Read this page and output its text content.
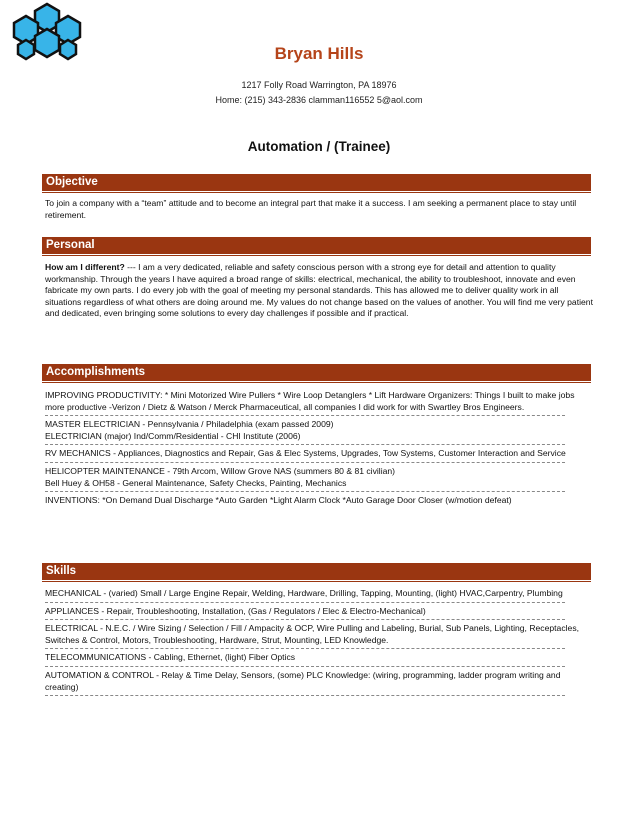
Bryan Hills
1217 Folly Road Warrington, PA 18976
Home: (215) 343-2836 clamman116552 5@aol.com
Automation / (Trainee)
Objective

To join a company with a “team” attitude and to become an integral part that make it a success. I am seeking a permanent place to stay until retirement.

Personal

How am I different? --- I am a very dedicated, reliable and safety conscious person with a strong eye for detail and attention to quality workmanship. Through the years I have aquired a broad range of skills: electrical, mechanical, the ability to troubleshoot, innovate and even fabricate my own parts. I do every job with the goal of meeting my personal standards. This has allowed me to deliver quality work in all situations regardless of what others are doing around me. My values do not change based on the values of another. You will find me very patient and dedicated, even bringing some solutions to every day challenges if possible and if practical.

Accomplishments

IMPROVING PRODUCTIVITY: * Mini Motorized Wire Pullers * Wire Loop Detanglers * Lift Hardware Organizers: Things I built to make jobs more productive -Verizon / Dietz & Watson / Merck Pharmaceutical, all companies I did work for with Swartley Bros Engineers.

MASTER ELECTRICIAN - Pennsylvania / Philadelphia (exam passed 2009)

ELECTRICIAN (major) Ind/Comm/Residential - CHI Institute (2006)

RV MECHANICS - Appliances, Diagnostics and Repair, Gas & Elec Systems, Upgrades, Tow Systems, Customer Interaction and Service

HELICOPTER MAINTENANCE - 79th Arcom, Willow Grove NAS (summers 80 & 81 civilian)

Bell Huey & OH58 - General Maintenance, Safety Checks, Painting, Mechanics

INVENTIONS: *On Demand Dual Discharge *Auto Garden *Light Alarm Clock *Auto Garage Door Closer (w/motion defeat)

Skills

MECHANICAL - (varied) Small / Large Engine Repair, Welding, Hardware, Drilling, Tapping, Mounting, (light) HVAC,Carpentry, Plumbing

APPLIANCES - Repair, Troubleshooting, Installation, (Gas / Regulators / Elec & Electro-Mechanical)

ELECTRICAL - N.E.C. / Wire Sizing / Selection / Fill / Ampacity & OCP, Wire Pulling and Labeling, Burial, Sub Panels, Lighting, Receptacles, Switches & Control, Motors, Troubleshooting, Hardware, Strut, Mounting, LED Knowledge.

TELECOMMUNICATIONS - Cabling, Ethernet, (light) Fiber Optics

AUTOMATION & CONTROL - Relay & Time Delay, Sensors, (some) PLC Knowledge: (wiring, programming, ladder program writing and creating)
